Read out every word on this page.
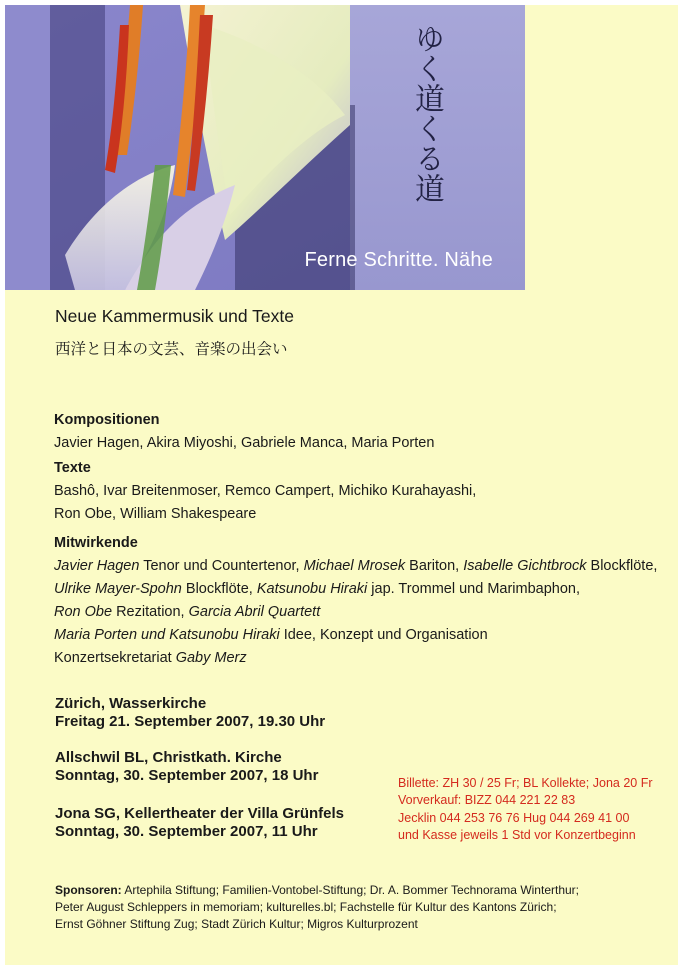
ゆく道くる道
Ferne Schritte. Nähe
Neue Kammermusik und Texte
西洋と日本の文芸、音楽の出会い
Kompositionen
Javier Hagen, Akira Miyoshi, Gabriele Manca, Maria Porten
Texte
Bashô, Ivar Breitenmoser, Remco Campert, Michiko Kurahayashi,
Ron Obe, William Shakespeare
Mitwirkende
Javier Hagen Tenor und Countertenor, Michael Mrosek Bariton, Isabelle Gichtbrock Blockflöte,
Ulrike Mayer-Spohn Blockflöte, Katsunobu Hiraki jap. Trommel und Marimbaphon,
Ron Obe Rezitation, Garcia Abril Quartett
Maria Porten und Katsunobu Hiraki Idee, Konzept und Organisation
Konzertsekretariat Gaby Merz
Zürich, Wasserkirche
Freitag 21. September 2007, 19.30 Uhr
Allschwil BL, Christkath. Kirche
Sonntag, 30. September 2007, 18 Uhr
Jona SG, Kellertheater der Villa Grünfels
Sonntag, 30. September 2007, 11 Uhr
Billette: ZH 30 / 25 Fr; BL Kollekte; Jona 20 Fr
Vorverkauf: BIZZ 044 221 22 83
Jecklin 044 253 76 76 Hug 044 269 41 00
und Kasse jeweils 1 Std vor Konzertbeginn
Sponsoren: Artephila Stiftung; Familien-Vontobel-Stiftung; Dr. A. Bommer Technorama Winterthur;
Peter August Schleppers in memoriam; kulturelles.bl; Fachstelle für Kultur des Kantons Zürich;
Ernst Göhner Stiftung Zug; Stadt Zürich Kultur; Migros Kulturprozent
